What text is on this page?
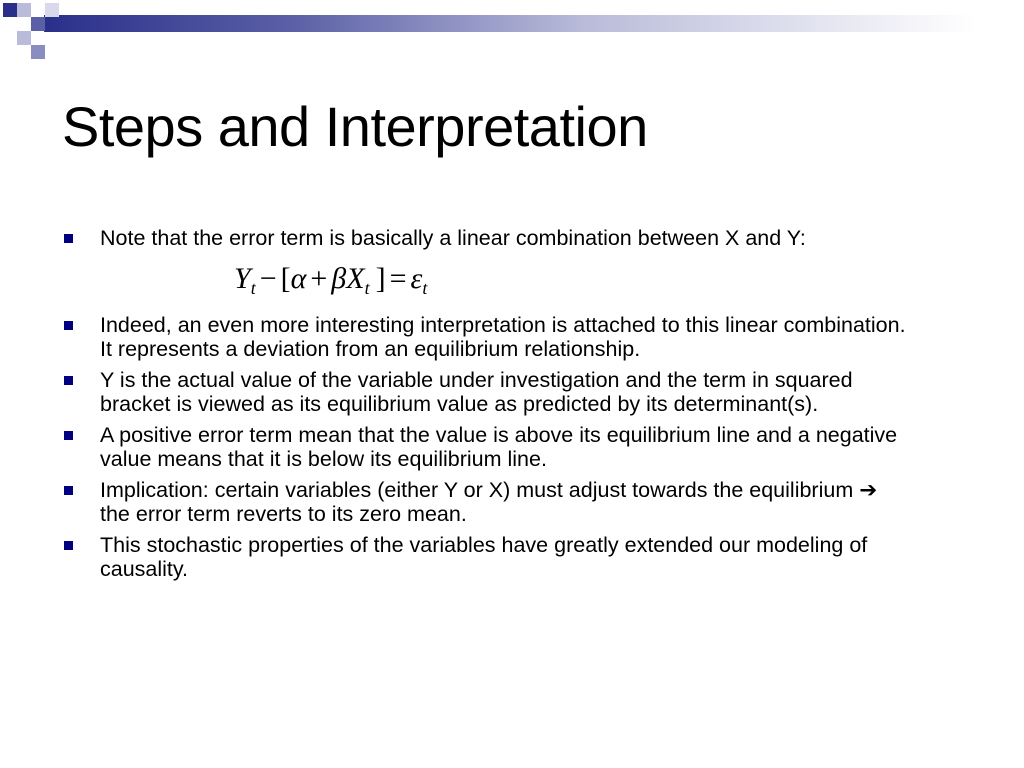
Steps and Interpretation
Note that the error term is basically a linear combination between X and Y:
$Y_t - [\alpha + \beta X_t$ ] = $\varepsilon_t$
Indeed, an even more interesting interpretation is attached to this linear combination. It represents a deviation from an equilibrium relationship.
Y is the actual value of the variable under investigation and the term in squared bracket is viewed as its equilibrium value as predicted by its determinant(s).
A positive error term mean that the value is above its equilibrium line and a negative value means that it is below its equilibrium line.
Implication: certain variables (either Y or X) must adjust towards the equilibrium ➔ the error term reverts to its zero mean.
This stochastic properties of the variables have greatly extended our modeling of causality.
